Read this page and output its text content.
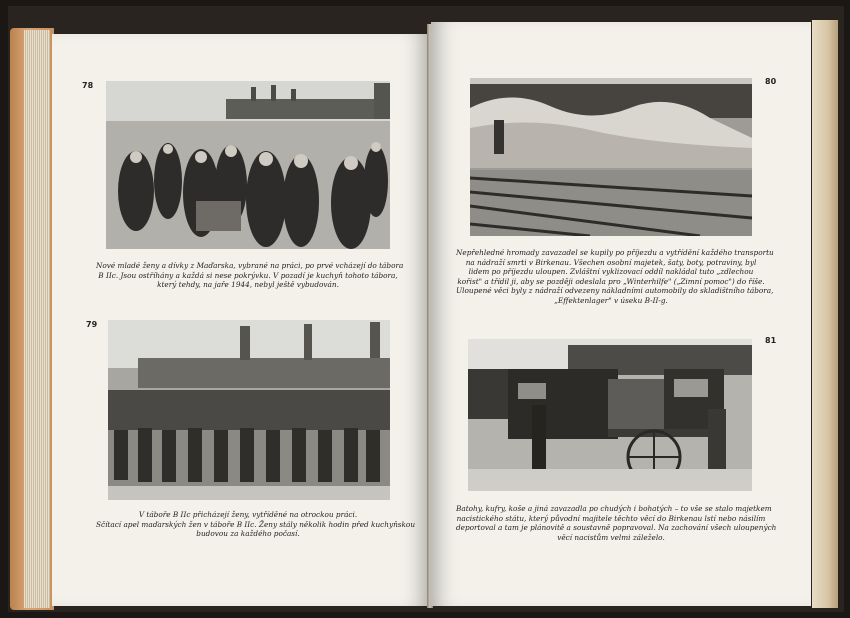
78
Nové mladé ženy a dívky z Maďarska, vybrané na práci, po prvé vcházejí do tábora
B IIc. Jsou ostříhány a každá si nese pokrývku. V pozadí je kuchyň tohoto tábora,
který tehdy, na jaře 1944, nebyl ještě vybudován.
79
V táboře B IIc přicházejí ženy, vytříděné na otrockou práci.
Sčítací apel maďarských žen v táboře B IIc. Ženy stály několik hodin před kuchyňskou
budovou za každého počasí.
80
Nepřehledné hromady zavazadel se kupily po příjezdu a vytřídění každého transportu
na nádraží smrti v Birkenau. Všechen osobní majetek, šaty, boty, potraviny, byl
lidem po příjezdu uloupen. Zvláštní vyklizovací oddíl nakládal tuto „zdlechou
kořist" a třídil ji, aby se později odeslala pro „Winterhilfe" („Zimní pomoc") do říše.
Uloupené věci byly z nádraží odvezeny nákladními automobily do skladištního tábora,
„Effektenlager" v úseku B-II-g.
81
Batohy, kufry, koše a jiná zavazadla po chudých i bohatých – to vše se stalo majetkem
nacistického státu, který původní majitele těchto věcí do Birkenau lstí nebo násilím
deportoval a tam je plánovitě a soustavně popravoval. Na zachování všech uloupených
věcí nacistům velmi záleželo.
